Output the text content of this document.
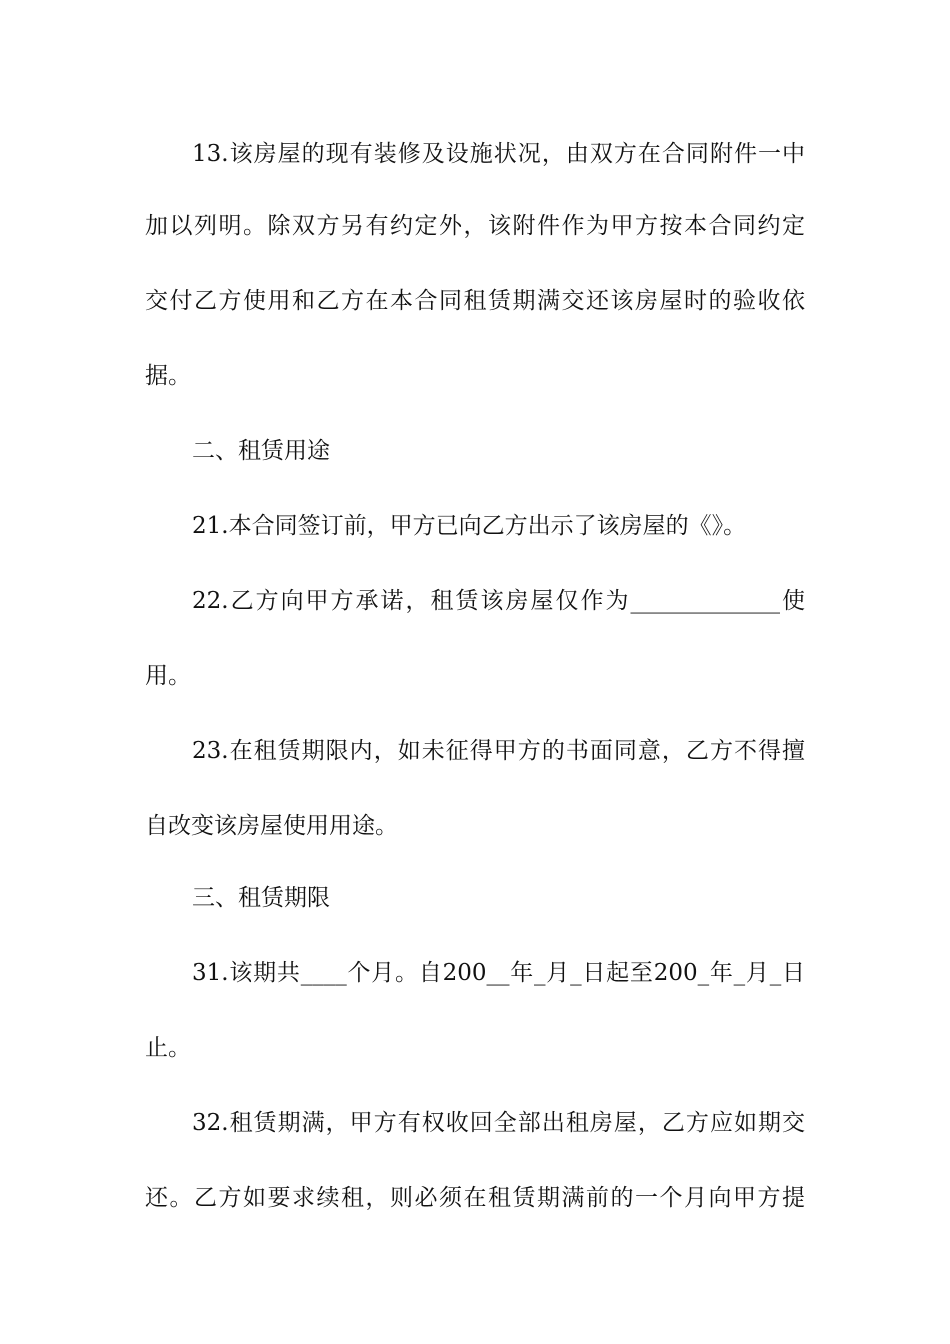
13.该房屋的现有装修及设施状况，由双方在合同附件一中
加以列明。除双方另有约定外，该附件作为甲方按本合同约定
交付乙方使用和乙方在本合同租赁期满交还该房屋时的验收依
据。
二、租赁用途
21.本合同签订前，甲方已向乙方出示了该房屋的《》。
22.乙方向甲方承诺，租赁该房屋仅作为_____________使
用。
23.在租赁期限内，如未征得甲方的书面同意，乙方不得擅
自改变该房屋使用用途。
三、租赁期限
31.该期共____个月。自200__年_月_日起至200_年_月_日
止。
32.租赁期满，甲方有权收回全部出租房屋，乙方应如期交
还。乙方如要求续租，则必须在租赁期满前的一个月向甲方提
